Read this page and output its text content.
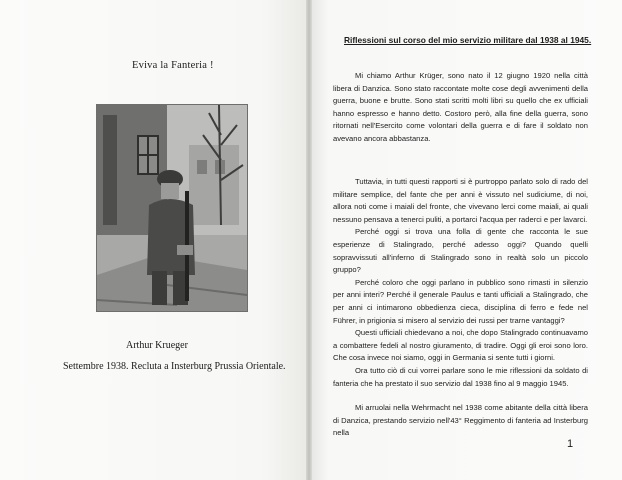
Eviva la Fanteria !
Arthur Krueger
Settembre 1938. Recluta a Insterburg Prussia Orientale.
Riflessioni sul corso del mio servizio militare dal 1938 al 1945.

Mi chiamo Arthur Krüger, sono nato il 12 giugno 1920 nella città libera di Danzica. Sono stato raccontate molte cose degli avvenimenti della guerra, buone e brutte. Sono stati scritti molti libri su quello che ex ufficiali hanno espresso e hanno detto. Costoro però, alla fine della guerra, sono ritornati nell'Esercito come volontari della guerra e di fare il soldato non avevano ancora abbastanza.

Tuttavia, in tutti questi rapporti si è purtroppo parlato solo di rado del militare semplice, del fante che per anni è vissuto nel sudiciume, di noi, allora noti come i maiali del fronte, che vivevano lerci come maiali, ai quali nessuno pensava a tenerci puliti, a portarci l'acqua per raderci e per lavarci.

Perché oggi si trova una folla di gente che racconta le sue esperienze di Stalingrado, perché adesso oggi? Quando quelli sopravvissuti all'inferno di Stalingrado sono in realtà solo un piccolo gruppo?

Perché coloro che oggi parlano in pubblico sono rimasti in silenzio per anni interi? Perché il generale Paulus e tanti ufficiali a Stalingrado, che per anni ci intimarono obbedienza cieca, disciplina di ferro e fede nel Führer, in prigionia si misero al servizio dei russi per trarne vantaggi?

Questi ufficiali chiedevano a noi, che dopo Stalingrado continuavamo a combattere fedeli al nostro giuramento, di tradire. Oggi gli eroi sono loro. Che cosa invece noi siamo, oggi in Germania si sente tutti i giorni.

Ora tutto ciò di cui vorrei parlare sono le mie riflessioni da soldato di fanteria che ha prestato il suo servizio dal 1938 fino al 9 maggio 1945.

Mi arruolai nella Wehrmacht nel 1938 come abitante della città libera di Danzica, prestando servizio nell'43° Reggimento di fanteria ad Insterburg nella

1
